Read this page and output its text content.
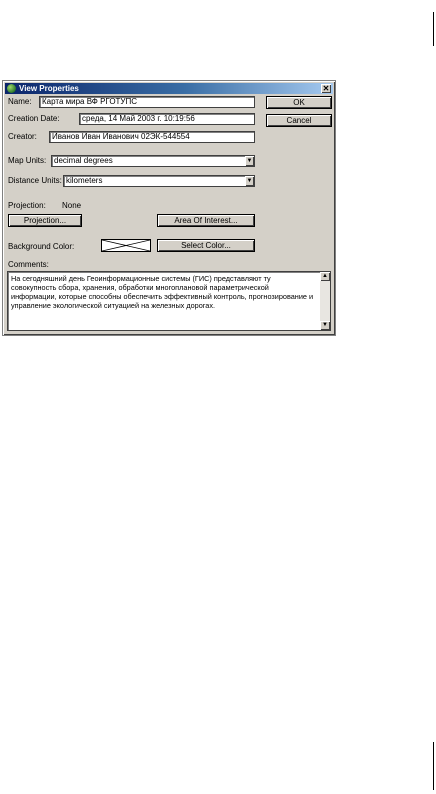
View Properties	✕
Name:	Карта мира ВФ РГОТУПС
Creation Date:	среда, 14 Май 2003 г. 10:19:56
Creator:	Иванов Иван Иванович 02ЭК-544554
OK
Cancel
Map Units: decimal degrees	▼
Distance Units: kilometers	▼
Projection: None
Projection...	Area Of Interest...
Background Color:	Select Color...
Comments:
На сегодняшний день Геоинформационные системы (ГИС) представляют ту совокупность сбора, хранения, обработки многоплановой параметрической информации, которые способны обеспечить эффективный контроль, прогнозирование и управление экологической ситуацией на железных дорогах.
▲
▼
